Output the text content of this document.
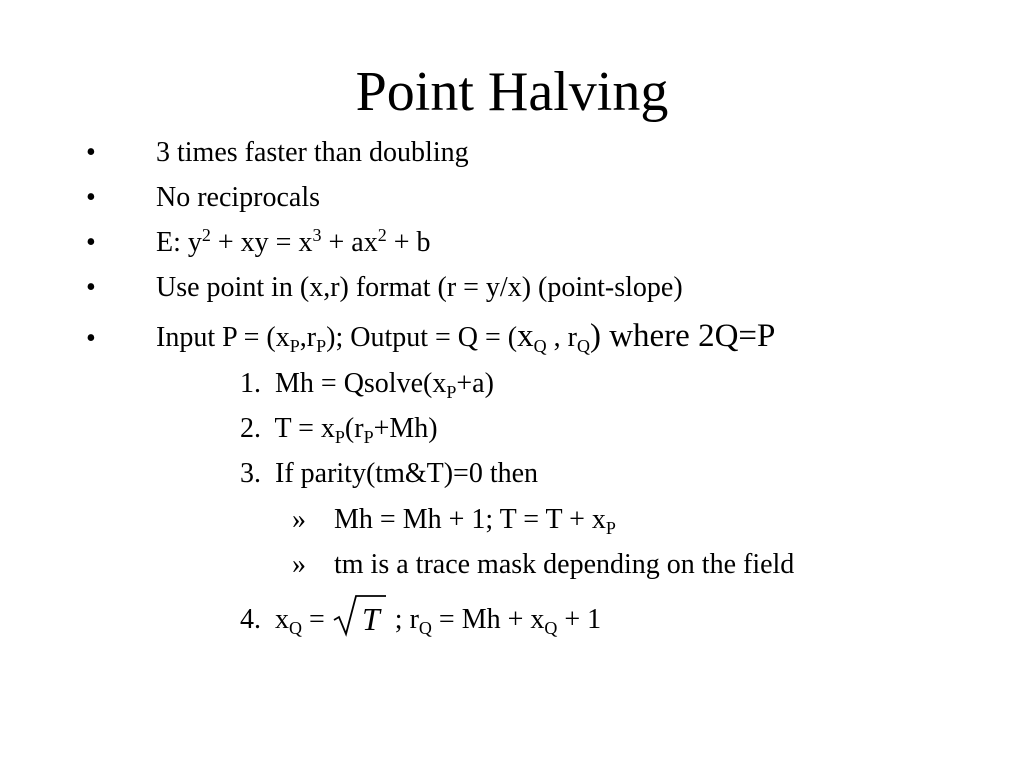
Point Halving
• 3 times faster than doubling
• No reciprocals
• E: $y^2$ + xy = $x^3 + ax^2 + b$
• Use point in (x,r) format (r = y/x) (point-slope)
• Input $P = (x_P,r_P)$; Output = $Q = (x_Q$ , $r_Q$) where 2Q=P
1. $Mh = Qsolve(x_P+a)$
2. $T = x_P(r_P+Mh)$
3. If parity(tm&T)=0 then
» Mh = Mh + 1; $T = T + x_P$
» tm is a trace mask depending on the field
4. $x_Q = T$ ; $r_Q = Mh + x_Q + 1$
